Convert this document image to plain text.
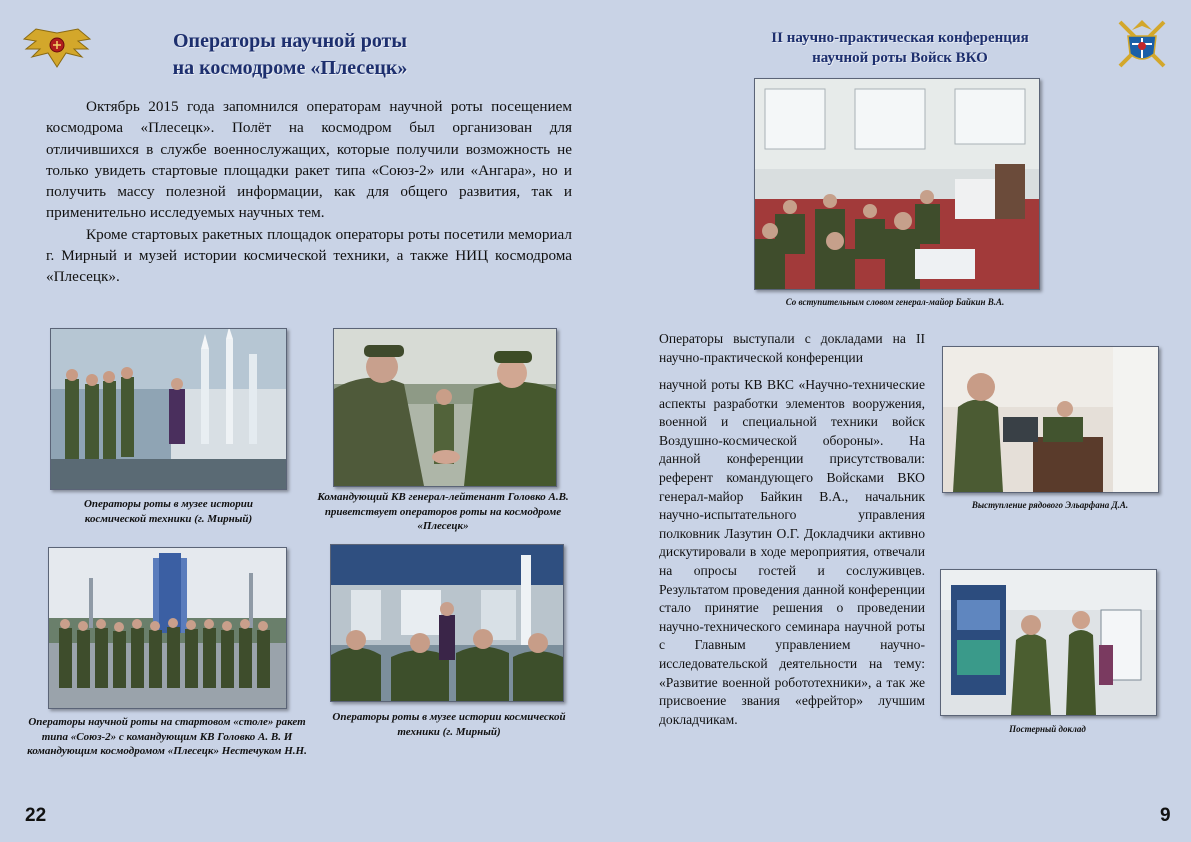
Операторы научной роты
на космодроме «Плесецк»
Октябрь 2015 года запомнился операторам научной роты посещением космодрома «Плесецк». Полёт на космодром был организован для отличившихся в службе военнослужащих, которые получили возможность не только увидеть стартовые площадки ракет типа «Союз-2» или «Ангара», но и получить массу полезной информации, как для общего развития, так и применительно исследуемых научных тем.
Кроме стартовых ракетных площадок операторы роты посетили мемориал г. Мирный и музей истории космической техники, а также НИЦ космодрома «Плесецк».
Операторы роты в музее истории космической техники (г. Мирный)
Командующий КВ генерал-лейтенант Головко А.В. приветствует операторов роты на космодроме «Плесецк»
Операторы научной роты на стартовом «столе» ракет типа «Союз-2» с командующим КВ Головко А. В. И командующим космодромом «Плесецк» Нестечуком Н.Н.
Операторы роты в музее истории космической техники (г. Мирный)
22
II научно-практическая конференция
научной роты Войск ВКО
Со вступительным словом генерал-майор Байкин В.А.
Операторы выступали с докладами на II научно-практической конференции
научной роты КВ ВКС «Научно-технические аспекты разработки элементов вооружения, военной и специальной техники войск Воздушно-космической обороны». На данной конференции присутствовали: референт командующего Войсками ВКО генерал-майор Байкин В.А., начальник научно-испытательного управления полковник Лазутин О.Г. Докладчики активно дискутировали в ходе мероприятия, отвечали на опросы гостей и сослуживцев. Результатом проведения данной конференции стало принятие решения о проведении научно-технического семинара научной роты с Главным управлением научно-исследовательской деятельности на тему: «Развитие военной робототехники», а так же присвоение звания «ефрейтор» лучшим докладчикам.
Выступление рядового Эльарфана Д.А.
Постерный доклад
9
